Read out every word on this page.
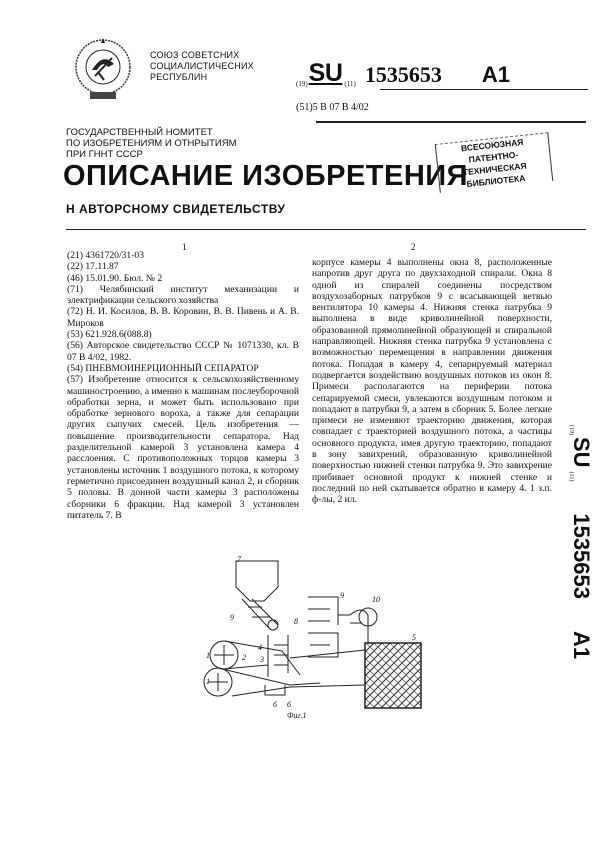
СОЮЗ СОВЕТСНИХ
СОЦИАЛИСТИЧЕСНИХ
РЕСПУБЛИН
(19) SU (11) 1535653 A1
(51)5 B 07 B 4/02
ГОСУДАРСТВЕННЫЙ НОМИТЕТ
ПО ИЗОБРЕТЕНИЯМ И ОТНРЫТИЯМ
ПРИ ГННТ СССР
ОПИСАНИЕ ИЗОБРЕТЕНИЯ
Н АВТОРСНОМУ СВИДЕТЕЛЬСТВУ
ВСЕСОЮЗНАЯ
ПАТЕНТНО-ТЕХНИЧЕСКАЯ
БИБЛИОТЕКА
1	2

(21) 4361720/31-03

(22) 17.11.87

(46) 15.01.90. Бюл. № 2

(71) Челябинский институт механизации и электрификации сельского хозяйства

(72) Н. И. Косилов, В. В. Коровин, В. В. Пивень и А. В. Мироков

(53) 621.928.6(088.8)

(56) Авторское свидетельство СССР № 1071330, кл. B 07 B 4/02, 1982.

(54) ПНЕВМОИНЕРЦИОННЫЙ СЕПАРАТОР

(57) Изобретение относится к сельскохозяйственному машиностроению, а именно к машинам послеуборочной обработки зерна, и может быть использовано при обработке зернового вороха, а также для сепарации других сыпучих смесей. Цель изобретения — повышение производительности сепаратора. Над разделительной камерой 3 установлена камера 4 расслоения. С противоположных торцов камеры 3 установлены источник 1 воздушного потока, к которому герметично присоединен воздушный канал 2, и сборник 5 половы. В донной части камеры 3 расположены сборники 6 фракции. Над камерой 3 установлен питатель 7. В

корпусе камеры 4 выполнены окна 8, расположенные напротив друг друга по двухзаходной спирали. Окна 8 одной из спиралей соединены посредством воздухозаборных патрубков 9 с всасывающей ветвью вентилятора 10 камеры 4. Нижняя стенка патрубка 9 выполнена в виде криволинейной поверхности, образованной прямолинейной образующей и спиральной направляющей. Нижняя стенка патрубка 9 установлена с возможностью перемещения в направлении движения потока. Попадая в камеру 4, сепарируемый материал подвергается воздействию воздушных потоков из окон 8. Примеси располагаются на периферии потока сепарируемой смеси, увлекаются воздушным потоком и попадают в патрубки 9, а затем в сборник 5. Более легкие примеси не изменяют траекторию движения, которая совпадает с траекторией воздушного потока, а частицы основного продукта, имея другую траекторию, попадают в зону завихрений, образованную криволинейной поверхностью нижней стенки патрубка 9. Это завихрение прибивает основной продукт к нижней стенке и последний по ней скатывается обратно в камеру 4. 1 з.п. ф-лы, 2 ил.

(19)
SU
(11)
1535653
A1
7
9	8
4
3
2
1
1
6 6
9	10
5
Фиг.1
